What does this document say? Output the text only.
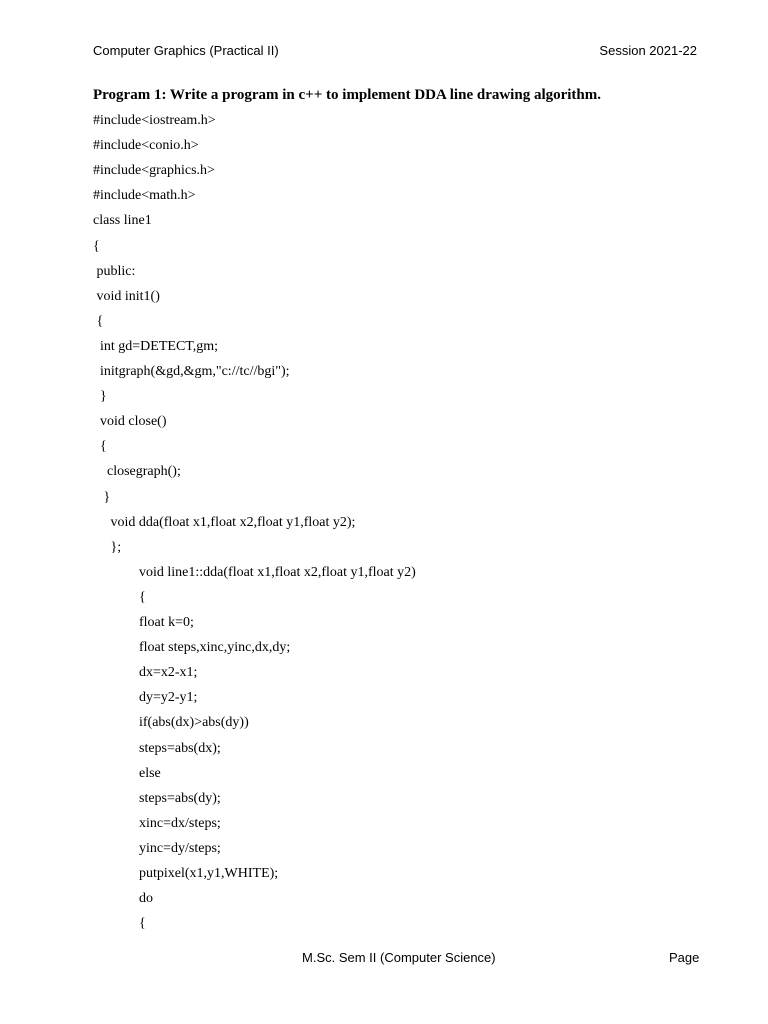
Computer Graphics (Practical II)	Session 2021-22
Program 1: Write a program in c++ to implement DDA line drawing algorithm.
#include<iostream.h>
#include<conio.h>
#include<graphics.h>
#include<math.h>
class line1
{
public:
void init1()
{
int gd=DETECT,gm;
initgraph(&gd,&gm,"c://tc//bgi");
}
void close()
{
closegraph();
}
void dda(float x1,float x2,float y1,float y2);
};
void line1::dda(float x1,float x2,float y1,float y2)
{
float k=0;
float steps,xinc,yinc,dx,dy;
dx=x2-x1;
dy=y2-y1;
if(abs(dx)>abs(dy))
steps=abs(dx);
else
steps=abs(dy);
xinc=dx/steps;
yinc=dy/steps;
putpixel(x1,y1,WHITE);
do
{
M.Sc. Sem II (Computer Science)	Page
